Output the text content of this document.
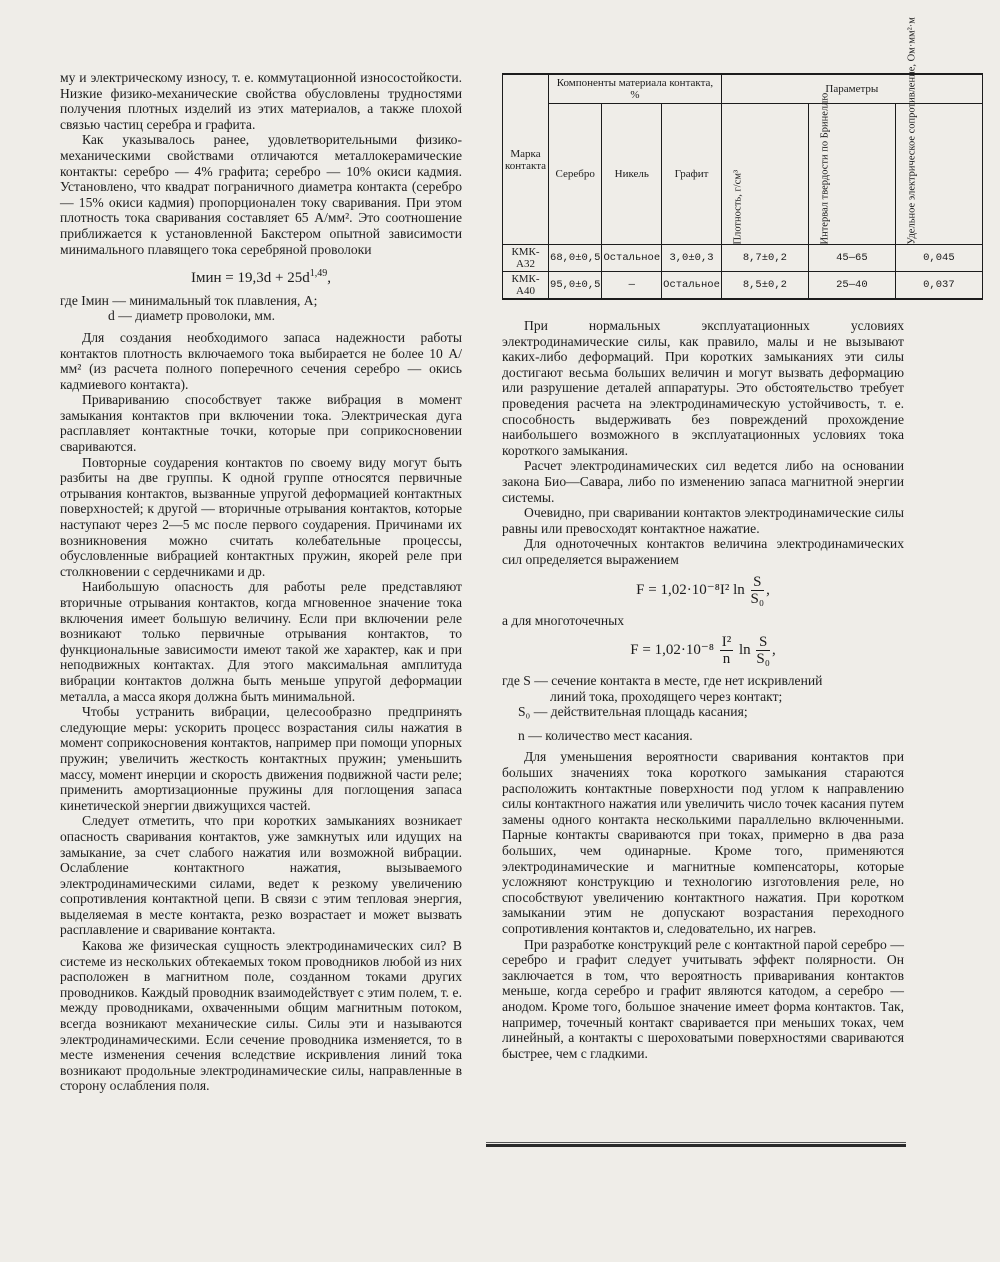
му и электрическому износу, т. е. коммутационной износостойкости. Низкие физико-механические свойства обусловлены трудностями получения плотных изделий из этих материалов, а также плохой связью частиц серебра и графита.

Как указывалось ранее, удовлетворительными физико-механическими свойствами отличаются металлокерамические контакты: серебро — 4% графита; серебро — 10% окиси кадмия. Установлено, что квадрат пограничного диаметра контакта (серебро — 15% окиси кадмия) пропорционален току сваривания. При этом плотность тока сваривания составляет 65 А/мм². Это соотношение приближается к установленной Бакстером опытной зависимости минимального плавящего тока серебряной проволоки

Iмин = $19,3d + 25d^{1,49}$,
где Iмин — минимальный ток плавления, А;
d — диаметр проволоки, мм.

Для создания необходимого запаса надежности работы контактов плотность включаемого тока выбирается не более 10 А/мм² (из расчета полного поперечного сечения серебро — окись кадмиевого контакта).

Привариванию способствует также вибрация в момент замыкания контактов при включении тока. Электрическая дуга расплавляет контактные точки, которые при соприкосновении свариваются.

Повторные соударения контактов по своему виду могут быть разбиты на две группы. К одной группе относятся первичные отрывания контактов, вызванные упругой деформацией контактных поверхностей; к другой — вторичные отрывания контактов, которые наступают через 2—5 мс после первого соударения. Причинами их возникновения можно считать колебательные процессы, обусловленные вибрацией контактных пружин, якорей реле при столкновении с сердечниками и др.

Наибольшую опасность для работы реле представляют вторичные отрывания контактов, когда мгновенное значение тока включения имеет большую величину. Если при включении реле возникают только первичные отрывания контактов, то функциональные зависимости имеют такой же характер, как и при неподвижных контактах. Для этого максимальная амплитуда вибрации контактов должна быть меньше упругой деформации металла, а масса якоря должна быть минимальной.

Чтобы устранить вибрации, целесообразно предпринять следующие меры: ускорить процесс возрастания силы нажатия в момент соприкосновения контактов, например при помощи упорных пружин; увеличить жесткость контактных пружин; уменьшить массу, момент инерции и скорость движения подвижной части реле; применить амортизационные пружины для поглощения запаса кинетической энергии движущихся частей.

Следует отметить, что при коротких замыканиях возникает опасность сваривания контактов, уже замкнутых или идущих на замыкание, за счет слабого нажатия или возможной вибрации. Ослабление контактного нажатия, вызываемого электродинамическими силами, ведет к резкому увеличению сопротивления контактной цепи. В связи с этим тепловая энергия, выделяемая в месте контакта, резко возрастает и может вызвать расплавление и сваривание контакта.

Какова же физическая сущность электродинамических сил? В системе из нескольких обтекаемых током проводников любой из них расположен в магнитном поле, созданном токами других проводников. Каждый проводник взаимодействует с этим полем, т. е. между проводниками, охваченными общим магнитным потоком, всегда возникают механические силы. Силы эти и называются электродинамическими. Если сечение проводника изменяется, то в месте изменения сечения вследствие искривления линий тока возникают продольные электродинамические силы, направленные в сторону ослабления поля.

Марка контакта	Компоненты материала контакта, %			Параметры		
	Серебро	Никель	Графит	Плотность, г/см³	Интервал твердости по Бринеллю	Удельное электрическое сопротивление, Ом·мм²·м

КМК-А32	68,0±0,5	Остальное	3,0±0,3	8,7±0,2	45—65	0,045
КМК-А40	95,0±0,5	—	Остальное	8,5±0,2	25—40	0,037

При нормальных эксплуатационных условиях электродинамические силы, как правило, малы и не вызывают каких-либо деформаций. При коротких замыканиях эти силы достигают весьма больших величин и могут вызвать деформацию или разрушение деталей аппаратуры. Это обстоятельство требует проведения расчета на электродинамическую устойчивость, т. е. способность выдерживать без повреждений прохождение наибольшего возможного в эксплуатационных условиях тока короткого замыкания.

Расчет электродинамических сил ведется либо на основании закона Био—Савара, либо по изменению запаса магнитной энергии системы.

Очевидно, при сваривании контактов электродинамические силы равны или превосходят контактное нажатие.

Для одноточечных контактов величина электродинамических сил определяется выражением

F = 1,02·10⁻⁸I² $\ln \frac{S}{\text{S₀}}$ ,

а для многоточечных

$F = 1,02\cdot 10^{-8} \frac{\text{I²}}{n}$ $\ln \frac{S}{\text{S₀}}$ ,
где S — сечение контакта в месте, где нет искривлений
линий тока, проходящего через контакт;
S₀ — действительная площадь касания;
n — количество мест касания.

Для уменьшения вероятности сваривания контактов при больших значениях тока короткого замыкания стараются расположить контактные поверхности под углом к направлению силы контактного нажатия или увеличить число точек касания путем замены одного контакта несколькими параллельно включенными. Парные контакты свариваются при токах, примерно в два раза больших, чем одинарные. Кроме того, применяются электродинамические и магнитные компенсаторы, которые усложняют конструкцию и технологию изготовления реле, но способствуют увеличению контактного нажатия. При коротком замыкании этим не допускают возрастания переходного сопротивления контактов и, следовательно, их нагрев.

При разработке конструкций реле с контактной парой серебро — серебро и графит следует учитывать эффект полярности. Он заключается в том, что вероятность приваривания контактов меньше, когда серебро и графит являются катодом, а серебро — анодом. Кроме того, большое значение имеет форма контактов. Так, например, точечный контакт сваривается при меньших токах, чем линейный, а контакты с шероховатыми поверхностями свариваются быстрее, чем с гладкими.
